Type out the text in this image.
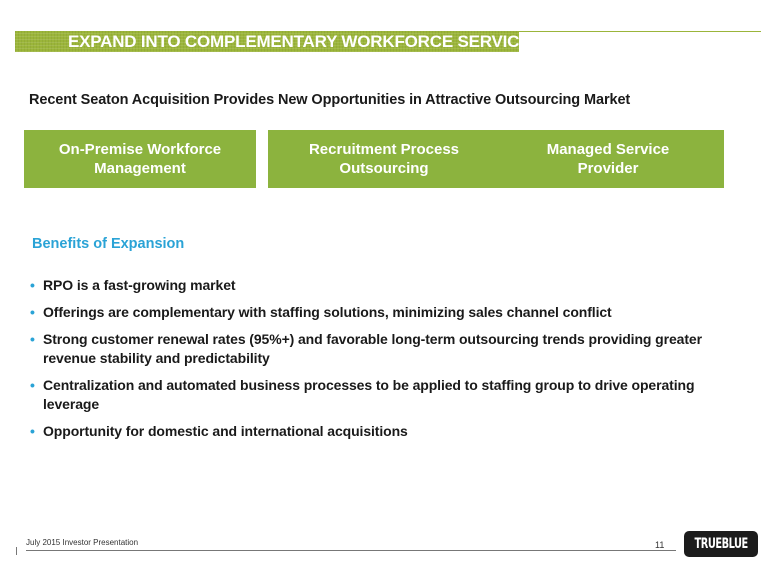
EXPAND INTO COMPLEMENTARY WORKFORCE SERVICES
Recent Seaton Acquisition Provides New Opportunities in Attractive Outsourcing Market
On-Premise Workforce Management
Recruitment Process Outsourcing
Managed Service Provider
Benefits of Expansion
• RPO is a fast-growing market
• Offerings are complementary with staffing solutions, minimizing sales channel conflict
• Strong customer renewal rates (95%+) and favorable long-term outsourcing trends providing greater revenue stability and predictability
• Centralization and automated business processes to be applied to staffing group to drive operating leverage
• Opportunity for domestic and international acquisitions

July 2015 Investor Presentation	11 TRUEBLUE
